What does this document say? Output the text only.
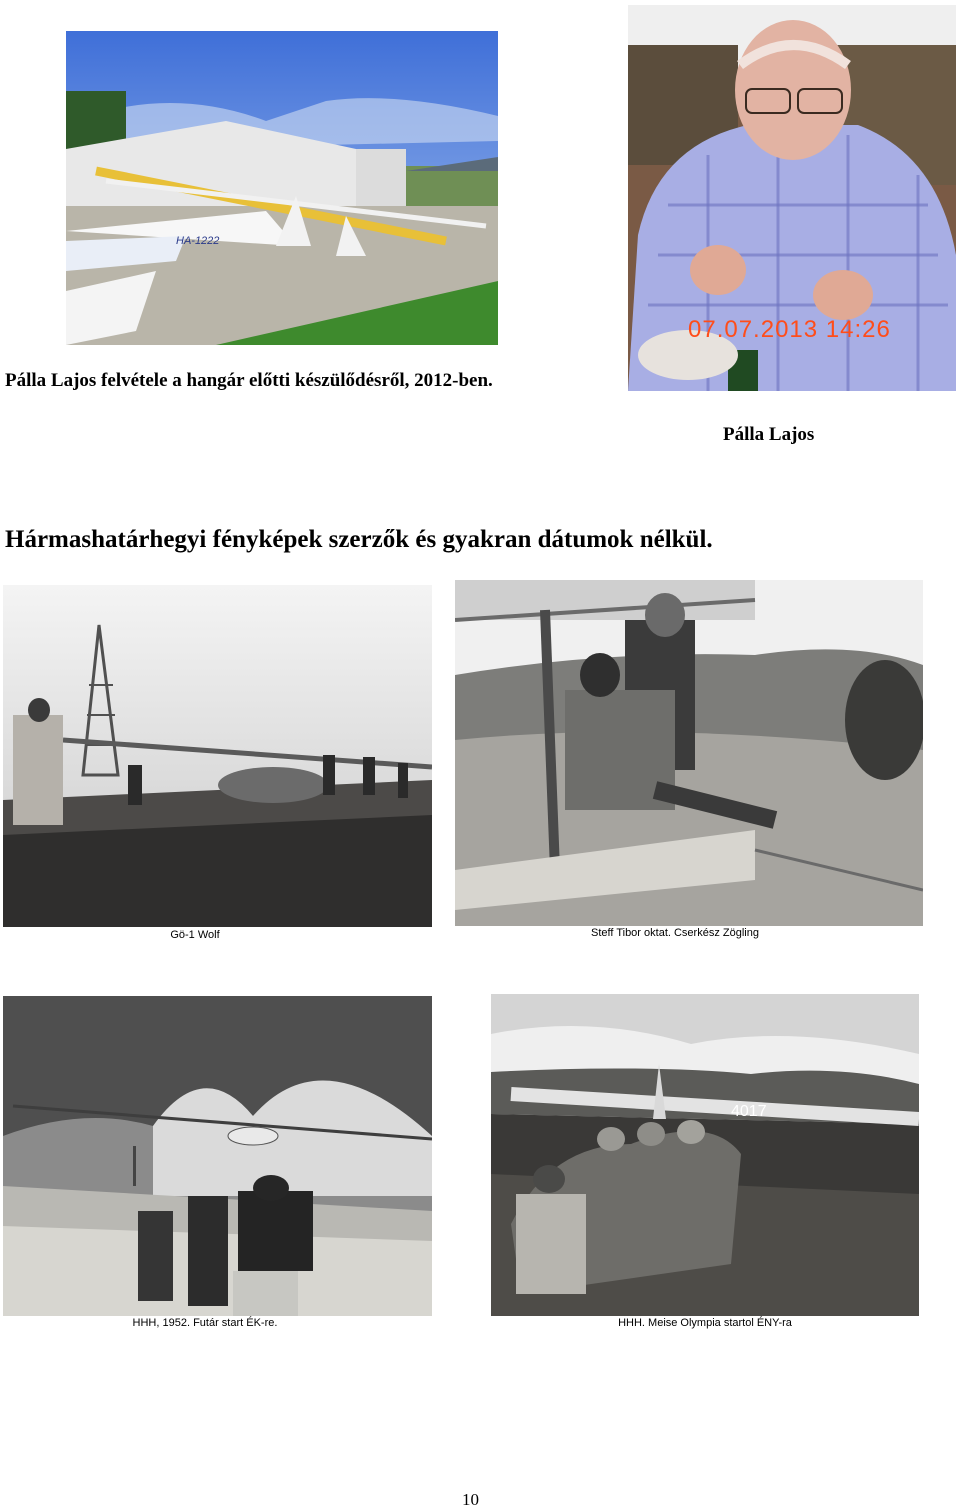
HA-1222
07.07.2013 14:26
Pálla Lajos felvétele a hangár előtti készülődésről, 2012-ben.
Pálla Lajos
Hármashatárhegyi fényképek szerzők és gyakran dátumok nélkül.
Gö-1 Wolf	Steff Tibor oktat. Cserkész Zögling
HHH, 1952. Futár start ÉK-re.
4017
HHH. Meise Olympia startol ÉNY-ra
10
